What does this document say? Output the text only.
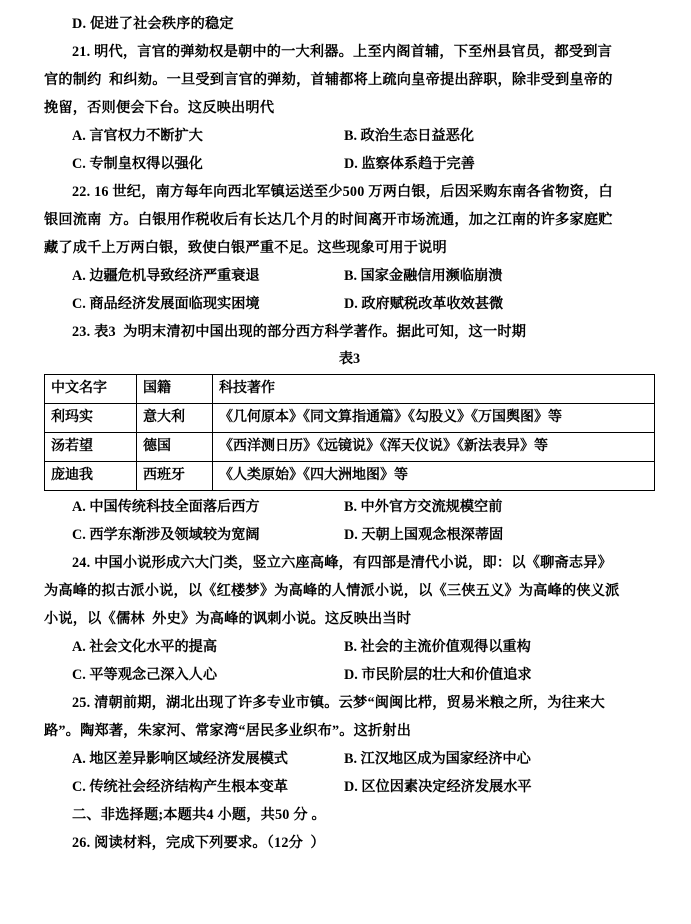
D. 促进了社会秩序的稳定
21. 明代，言官的弹劾权是朝中的一大利器。上至内阁首辅，下至州县官员，都受到言
官的制约  和纠劾。一旦受到言官的弹劾，首辅都将上疏向皇帝提出辞职，除非受到皇帝的
挽留，否则便会下台。这反映出明代
A. 言官权力不断扩大	B. 政治生态日益恶化
C. 专制皇权得以强化	D. 监察体系趋于完善
22. 16 世纪，南方每年向西北军镇运送至少500 万两白银，后因采购东南各省物资，白
银回流南  方。白银用作税收后有长达几个月的时间离开市场流通，加之江南的许多家庭贮
藏了成千上万两白银，致使白银严重不足。这些现象可用于说明
A. 边疆危机导致经济严重衰退	B. 国家金融信用濒临崩溃
C. 商品经济发展面临现实困境	D. 政府赋税改革收效甚微
23. 表3  为明末清初中国出现的部分西方科学著作。据此可知，这一时期
表3
中文名字	国籍	科技著作
利玛实	意大利	《几何原本》《同文算指通篇》《勾股义》《万国舆图》等
汤若望	德国	《西洋测日历》《远镜说》《浑天仪说》《新法表异》等
庞迪我	西班牙	《人类原始》《四大洲地图》等
A. 中国传统科技全面落后西方	B. 中外官方交流规模空前
C. 西学东渐涉及领域较为宽阔	D. 天朝上国观念根深蒂固
24. 中国小说形成六大门类，竖立六座高峰，有四部是清代小说，即：以《聊斋志异》
为高峰的拟古派小说，以《红楼梦》为高峰的人情派小说，以《三侠五义》为高峰的侠义派
小说，以《儒林  外史》为高峰的讽刺小说。这反映出当时
A. 社会文化水平的提高	B. 社会的主流价值观得以重构
C. 平等观念己深入人心	D. 市民阶层的壮大和价值追求
25. 清朝前期，湖北出现了许多专业市镇。云梦“闽闽比栉，贸易米粮之所，为往来大
路”。陶郑著，朱家河、常家湾“居民多业织布”。这折射出
A. 地区差异影响区域经济发展模式	B. 江汉地区成为国家经济中心
C. 传统社会经济结构产生根本变革	D. 区位因素决定经济发展水平
二、非选择题;本题共4 小题，共50 分 。
26. 阅读材料，完成下列要求。（12分  ）
